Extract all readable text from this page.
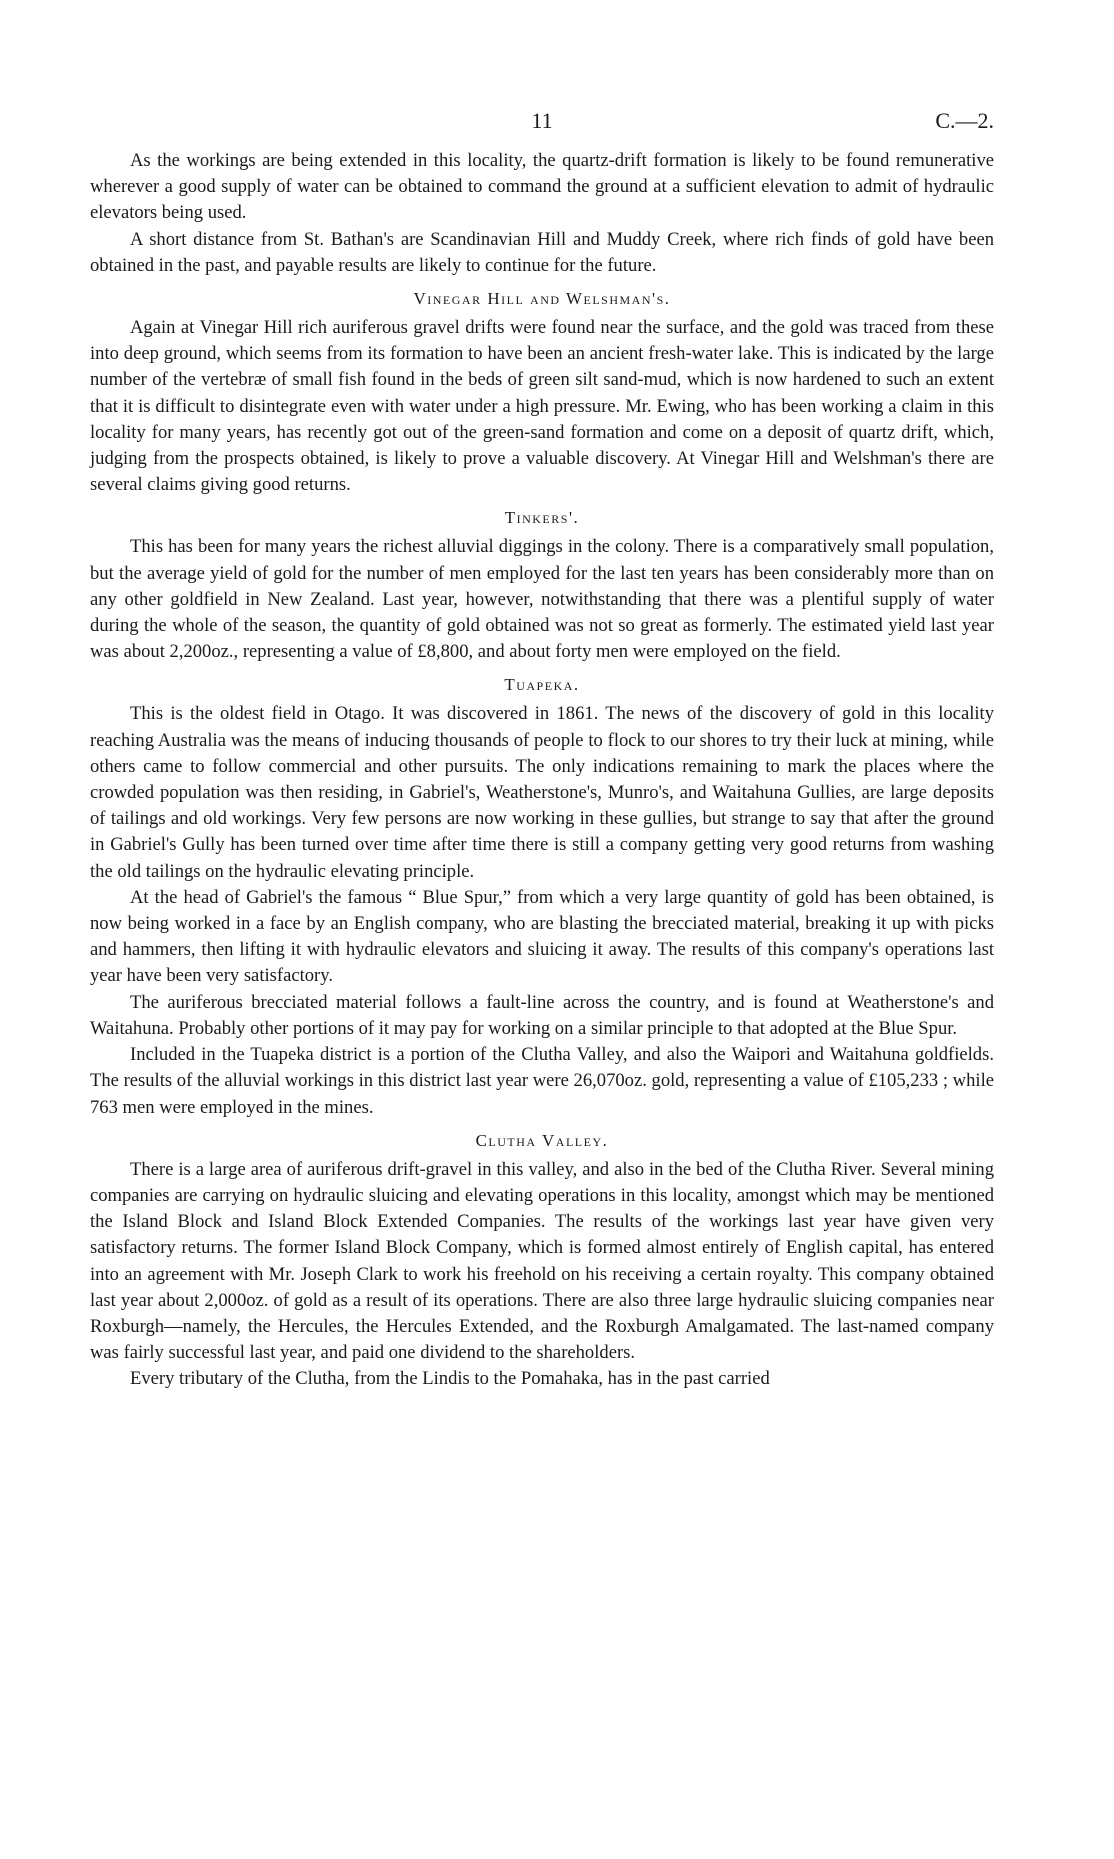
11	C.—2.

As the workings are being extended in this locality, the quartz-drift formation is likely to be found remunerative wherever a good supply of water can be obtained to command the ground at a sufficient elevation to admit of hydraulic elevators being used.

A short distance from St. Bathan's are Scandinavian Hill and Muddy Creek, where rich finds of gold have been obtained in the past, and payable results are likely to continue for the future.

Vinegar Hill and Welshman's.

Again at Vinegar Hill rich auriferous gravel drifts were found near the surface, and the gold was traced from these into deep ground, which seems from its formation to have been an ancient fresh-water lake. This is indicated by the large number of the vertebræ of small fish found in the beds of green silt sand-mud, which is now hardened to such an extent that it is difficult to disintegrate even with water under a high pressure. Mr. Ewing, who has been working a claim in this locality for many years, has recently got out of the green-sand formation and come on a deposit of quartz drift, which, judging from the prospects obtained, is likely to prove a valuable discovery. At Vinegar Hill and Welshman's there are several claims giving good returns.

Tinkers'.

This has been for many years the richest alluvial diggings in the colony. There is a comparatively small population, but the average yield of gold for the number of men employed for the last ten years has been considerably more than on any other goldfield in New Zealand. Last year, however, notwithstanding that there was a plentiful supply of water during the whole of the season, the quantity of gold obtained was not so great as formerly. The estimated yield last year was about 2,200oz., representing a value of £8,800, and about forty men were employed on the field.

Tuapeka.

This is the oldest field in Otago. It was discovered in 1861. The news of the discovery of gold in this locality reaching Australia was the means of inducing thousands of people to flock to our shores to try their luck at mining, while others came to follow commercial and other pursuits. The only indications remaining to mark the places where the crowded population was then residing, in Gabriel's, Weatherstone's, Munro's, and Waitahuna Gullies, are large deposits of tailings and old workings. Very few persons are now working in these gullies, but strange to say that after the ground in Gabriel's Gully has been turned over time after time there is still a company getting very good returns from washing the old tailings on the hydraulic elevating principle.

At the head of Gabriel's the famous “ Blue Spur,” from which a very large quantity of gold has been obtained, is now being worked in a face by an English company, who are blasting the brecciated material, breaking it up with picks and hammers, then lifting it with hydraulic elevators and sluicing it away. The results of this company's operations last year have been very satisfactory.

The auriferous brecciated material follows a fault-line across the country, and is found at Weatherstone's and Waitahuna. Probably other portions of it may pay for working on a similar principle to that adopted at the Blue Spur.

Included in the Tuapeka district is a portion of the Clutha Valley, and also the Waipori and Waitahuna goldfields. The results of the alluvial workings in this district last year were 26,070oz. gold, representing a value of £105,233 ; while 763 men were employed in the mines.

Clutha Valley.

There is a large area of auriferous drift-gravel in this valley, and also in the bed of the Clutha River. Several mining companies are carrying on hydraulic sluicing and elevating operations in this locality, amongst which may be mentioned the Island Block and Island Block Extended Companies. The results of the workings last year have given very satisfactory returns. The former Island Block Company, which is formed almost entirely of English capital, has entered into an agreement with Mr. Joseph Clark to work his freehold on his receiving a certain royalty. This company obtained last year about 2,000oz. of gold as a result of its operations. There are also three large hydraulic sluicing companies near Roxburgh—namely, the Hercules, the Hercules Extended, and the Roxburgh Amalgamated. The last-named company was fairly successful last year, and paid one dividend to the shareholders.

Every tributary of the Clutha, from the Lindis to the Pomahaka, has in the past carried
